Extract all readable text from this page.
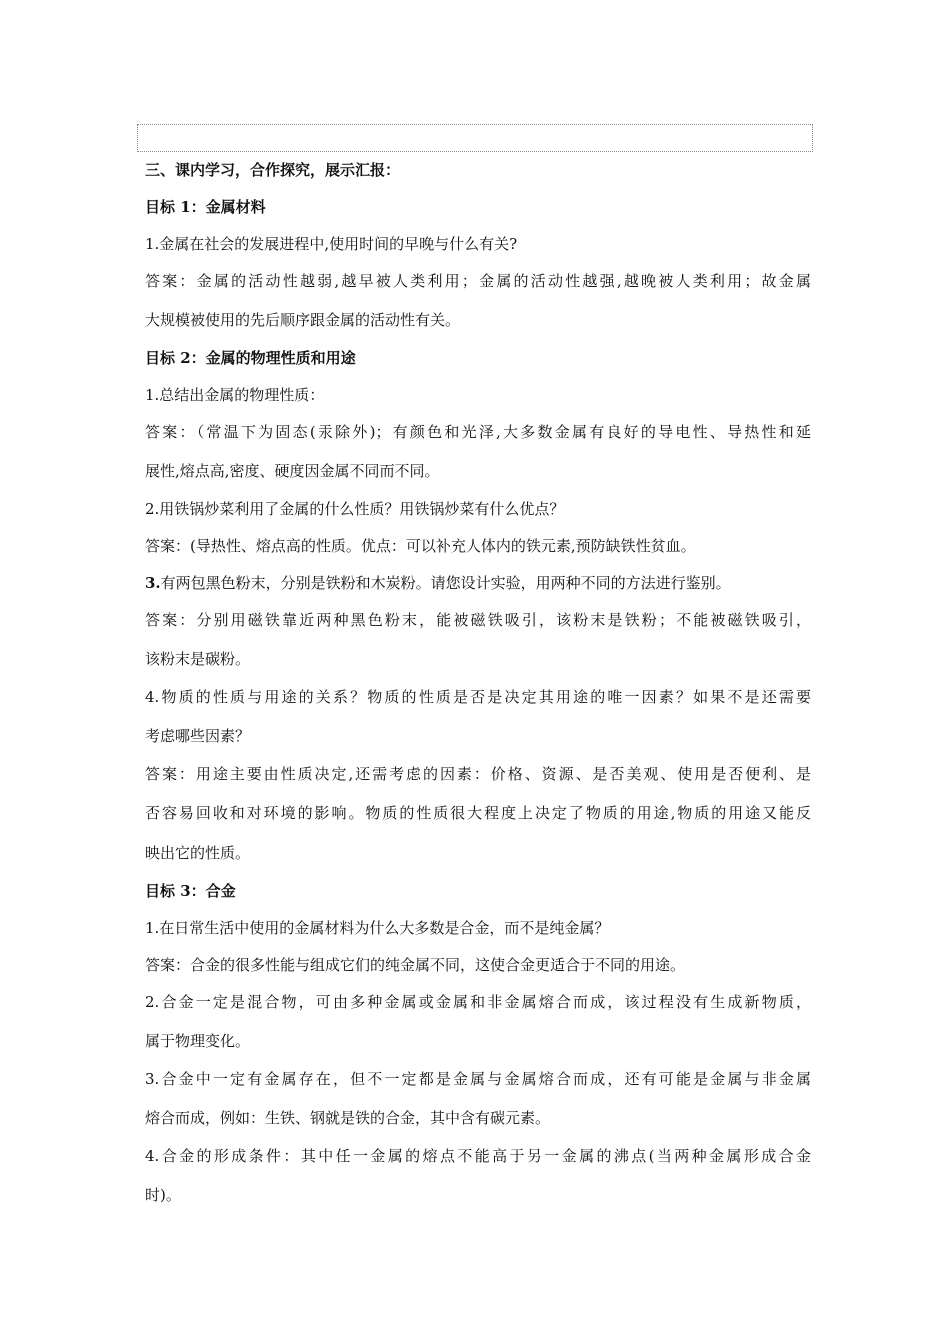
三、课内学习，合作探究，展示汇报：
目标 1：金属材料
1.金属在社会的发展进程中,使用时间的早晚与什么有关?
答案：金属的活动性越弱,越早被人类利用；金属的活动性越强,越晚被人类利用；故金属
大规模被使用的先后顺序跟金属的活动性有关。
目标 2：金属的物理性质和用途
1.总结出金属的物理性质：
答案：（常温下为固态(汞除外)；有颜色和光泽,大多数金属有良好的导电性、导热性和延
展性,熔点高,密度、硬度因金属不同而不同。
2.用铁锅炒菜利用了金属的什么性质？用铁锅炒菜有什么优点？
答案：(导热性、熔点高的性质。优点：可以补充人体内的铁元素,预防缺铁性贫血。
3.有两包黑色粉末，分别是铁粉和木炭粉。请您设计实验，用两种不同的方法进行鉴别。
答案：分别用磁铁靠近两种黑色粉末，能被磁铁吸引，该粉末是铁粉；不能被磁铁吸引，
该粉末是碳粉。
4.物质的性质与用途的关系？物质的性质是否是决定其用途的唯一因素？如果不是还需要
考虑哪些因素？
答案：用途主要由性质决定,还需考虑的因素：价格、资源、是否美观、使用是否便利、是
否容易回收和对环境的影响。物质的性质很大程度上决定了物质的用途,物质的用途又能反
映出它的性质。
目标 3：合金
1.在日常生活中使用的金属材料为什么大多数是合金，而不是纯金属？
答案：合金的很多性能与组成它们的纯金属不同，这使合金更适合于不同的用途。
2.合金一定是混合物，可由多种金属或金属和非金属熔合而成，该过程没有生成新物质，
属于物理变化。
3.合金中一定有金属存在，但不一定都是金属与金属熔合而成，还有可能是金属与非金属
熔合而成，例如：生铁、钢就是铁的合金，其中含有碳元素。
4.合金的形成条件：其中任一金属的熔点不能高于另一金属的沸点(当两种金属形成合金
时)。
